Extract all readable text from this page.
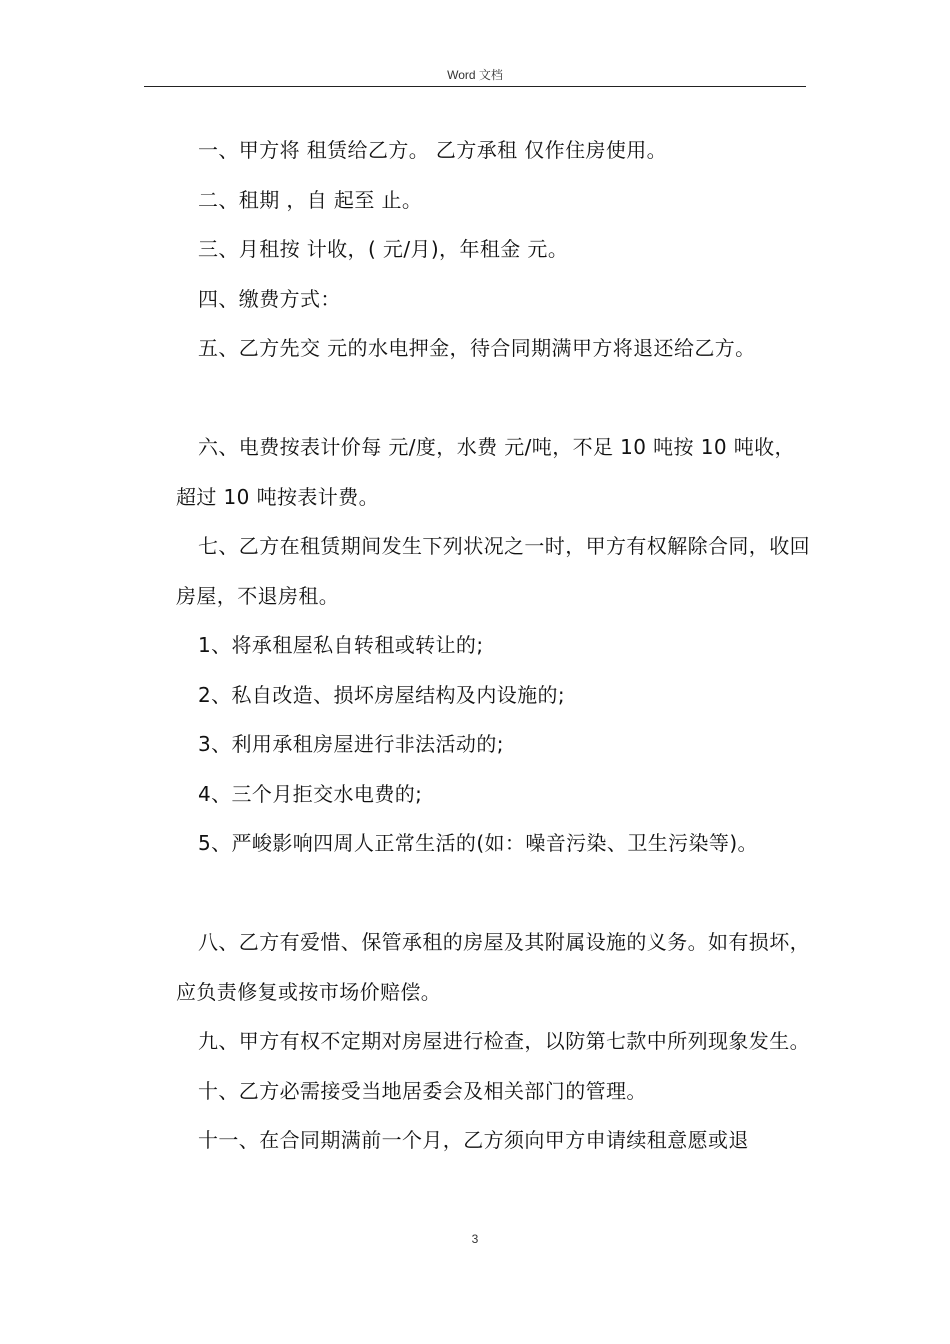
Word 文档

一、甲方将 租赁给乙方。 乙方承租 仅作住房使用。

二、租期 ，自 起至 止。

三、月租按 计收，( 元/月)，年租金 元。

四、缴费方式：

五、乙方先交 元的水电押金，待合同期满甲方将退还给乙方。

六、电费按表计价每 元/度，水费 元/吨，不足 10 吨按 10 吨收，超过 10 吨按表计费。

七、乙方在租赁期间发生下列状况之一时，甲方有权解除合同，收回房屋，不退房租。

1、将承租屋私自转租或转让的;

2、私自改造、损坏房屋结构及内设施的;

3、利用承租房屋进行非法活动的;

4、三个月拒交水电费的;

5、严峻影响四周人正常生活的(如：噪音污染、卫生污染等)。

八、乙方有爱惜、保管承租的房屋及其附属设施的义务。如有损坏，应负责修复或按市场价赔偿。

九、甲方有权不定期对房屋进行检查，以防第七款中所列现象发生。

十、乙方必需接受当地居委会及相关部门的管理。

十一、在合同期满前一个月，乙方须向甲方申请续租意愿或退

3
